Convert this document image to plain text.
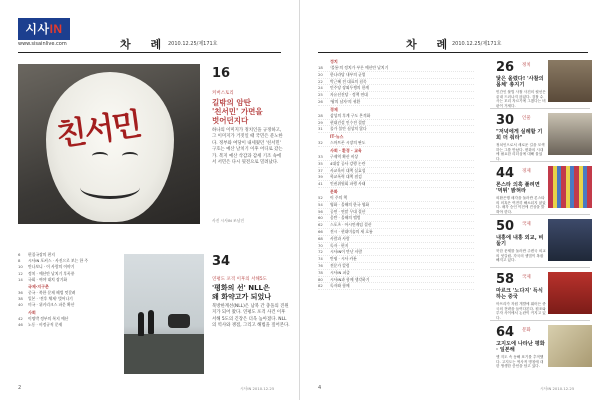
시사IN
www.sisainlive.com	차 례
2010.12.25/제171호
친서민
16
커버스토리
길밖의 암탄
'친서민' 가면을
벗어던지다
하나의 이미지가 정치인을 규정하고, 그 이미지가 거짓일 때 국민은 분노한다. 정부와 여당이 내세웠던 '친서민' 구호는 예산 날치기 이후 어디로 갔는가. 복지 예산 삭감과 감세 기조 속에서 서민은 다시 뒷전으로 밀려났다.
사진 시사IN 조남진
6	편집국장의 편지
8	시사IN 포커스 · 사진으로 보는 한 주
10	만나보니 · 이 사람의 이야기
12	정치 · 예산안 날치기 후폭풍
14	국회 · 여야 대치 장기화
국제·지구촌
36	중국 · 북한 문제 해법 엇갈려
38	일본 · '전후 체제' 벗어나기
40	미국 · 위키리크스 파문 확산
사회
42	이명박 정부의 복지 예산
46	노동 · 비정규직 문제
34
연평도 포격 이후의 서해5도
'평화의 선' NLL은
왜 화약고가 되었나
북방한계선(NLL)은 남북 간 충돌의 진원지가 되어 왔다. 연평도 포격 사건 이후 서해 5도의 긴장은 더욱 높아졌다. NLL의 역사와 쟁점, 그리고 해법을 짚어본다.
2	시사IN 2010.12.25
차 례
2010.12.25/제171호
정치
18	'불통'의 정치가 부른 예산안 날치기
20	한나라당 내부의 균열
22	박근혜 전 대표의 침묵
24	민주당 장외투쟁의 한계
25	자유선진당 · 정책 연대
26	'왕의 남자'의 귀환
경제
28	삼성의 후계 구도 본격화
29	현대건설 인수전 결말
31	물가 불안 심상치 않다
IT·뉴스
32	스마트폰 시장의 판도
사회 · 환경 · 교육
33	구제역 확산 비상
35	4대강 공사 강행 논란
37	사교육비 대책 실효성
39	학교폭력 대책 점검
41	인권위원회 파행 사태
문화
52	이 주의 책
54	영화 · 올해의 한국 영화
56	공연 · 연말 무대 결산
60	음반 · 올해의 앨범
62	스포츠 · 아시안게임 결산
66	전시 · 현대미술의 새 흐름
68	사람과 사람
70	독자 · 편지
72	시사IN이 만난 사람
74	만평 · 시사 카툰
76	전문가 칼럼
78	시사IN 퍼즐
80	시사IN과 함께 생각하기
82	독자와 함께
26 정치
닻은 올렸다! '사찰의 몸체' 총지기
민간인 불법 사찰 사건의 윗선은 끝내 드러나지 않았다. 검찰 수사는 꼬리 자르기에 그쳤다는 비판이 거세다.
30 인물
"저녁에게 실례할 기회 더 줘라"
정치인으로서 새로운 길을 모색하는 그를 만났다. 변화의 시대에 필요한 리더십에 대해 물었다.
44 경제
론스타 의혹 풀려면 '먹튀' 밝혀라
외환은행 매각을 둘러싼 론스타의 의혹은 여전히 해소되지 않았다. 매각 승인 이전에 진상을 밝혀야 한다.
50 국제
내홍에 내홍 외교, 비둘기
북한 문제를 둘러싼 주변국 외교의 엇갈림. 각국의 셈법이 복잡해지고 있다.
58 국제
마르크 '노다지' 득식하는 중국
아프리카 자원 개발에 뛰어든 중국의 전략을 들여다본다. 원조와 투자 사이에서 논란이 커지고 있다.
64 문화
고지도에 나타난 평화 · 일본해
옛 지도 속 동해 표기를 추적했다. 고지도는 역사적 명칭에 대한 생생한 증언을 담고 있다.
4	시사IN 2010.12.25
